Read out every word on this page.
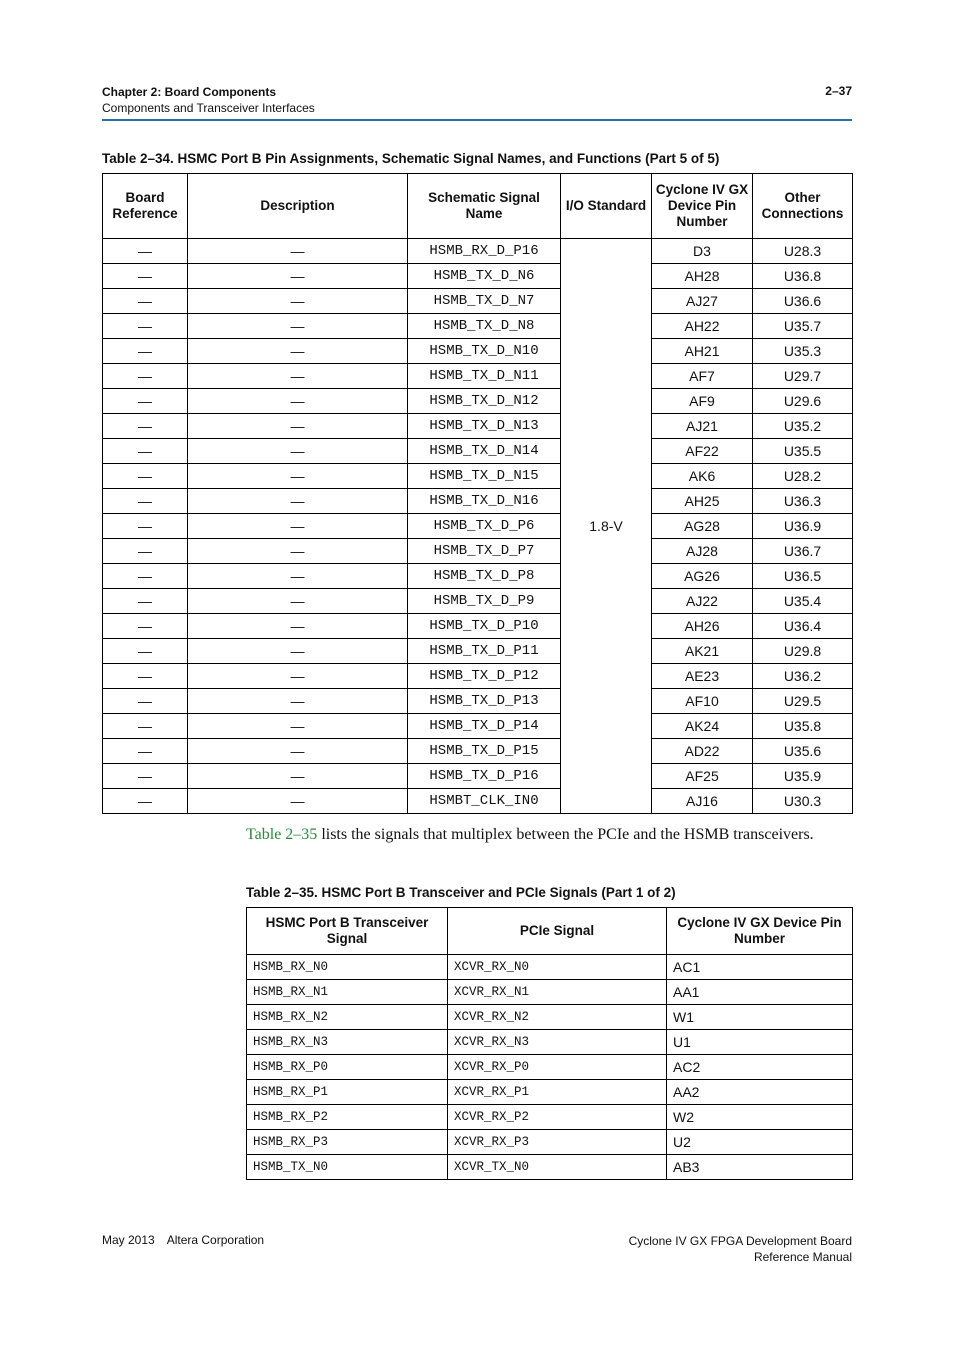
Chapter 2: Board Components
Components and Transceiver Interfaces
2–37
Table 2–34. HSMC Port B Pin Assignments, Schematic Signal Names, and Functions (Part 5 of 5)
Board Reference	Description	Schematic Signal Name	I/O Standard	Cyclone IV GX Device Pin Number	Other Connections
—	—	HSMB_RX_D_P16	1.8-V	D3	U28.3
—	—	HSMB_TX_D_N6		AH28	U36.8
—	—	HSMB_TX_D_N7		AJ27	U36.6
—	—	HSMB_TX_D_N8		AH22	U35.7
—	—	HSMB_TX_D_N10		AH21	U35.3
—	—	HSMB_TX_D_N11		AF7	U29.7
—	—	HSMB_TX_D_N12		AF9	U29.6
—	—	HSMB_TX_D_N13		AJ21	U35.2
—	—	HSMB_TX_D_N14		AF22	U35.5
—	—	HSMB_TX_D_N15		AK6	U28.2
—	—	HSMB_TX_D_N16		AH25	U36.3
—	—	HSMB_TX_D_P6		AG28	U36.9
—	—	HSMB_TX_D_P7		AJ28	U36.7
—	—	HSMB_TX_D_P8		AG26	U36.5
—	—	HSMB_TX_D_P9		AJ22	U35.4
—	—	HSMB_TX_D_P10		AH26	U36.4
—	—	HSMB_TX_D_P11		AK21	U29.8
—	—	HSMB_TX_D_P12		AE23	U36.2
—	—	HSMB_TX_D_P13		AF10	U29.5
—	—	HSMB_TX_D_P14		AK24	U35.8
—	—	HSMB_TX_D_P15		AD22	U35.6
—	—	HSMB_TX_D_P16		AF25	U35.9
—	—	HSMBT_CLK_IN0		AJ16	U30.3
Table 2–35 lists the signals that multiplex between the PCIe and the HSMB transceivers.
Table 2–35. HSMC Port B Transceiver and PCIe Signals (Part 1 of 2)
HSMC Port B Transceiver Signal	PCIe Signal	Cyclone IV GX Device Pin Number
HSMB_RX_N0	XCVR_RX_N0	AC1
HSMB_RX_N1	XCVR_RX_N1	AA1
HSMB_RX_N2	XCVR_RX_N2	W1
HSMB_RX_N3	XCVR_RX_N3	U1
HSMB_RX_P0	XCVR_RX_P0	AC2
HSMB_RX_P1	XCVR_RX_P1	AA2
HSMB_RX_P2	XCVR_RX_P2	W2
HSMB_RX_P3	XCVR_RX_P3	U2
HSMB_TX_N0	XCVR_TX_N0	AB3
May 2013 Altera Corporation	Cyclone IV GX FPGA Development Board
Reference Manual
